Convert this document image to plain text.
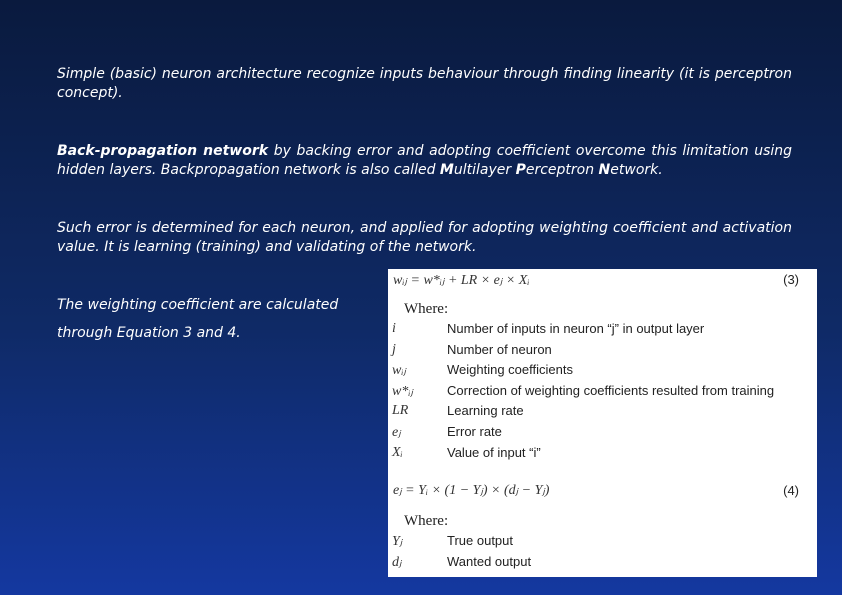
Simple (basic) neuron architecture recognize inputs behaviour through finding linearity (it is perceptron concept).

Back-propagation network by backing error and adopting coefficient overcome this limitation using hidden layers. Backpropagation network is also called Multilayer Perceptron Network.

Such error is determined for each neuron, and applied for adopting weighting coefficient and activation value. It is learning (training) and validating of the network.

The weighting coefficient are calculated

through Equation 3 and 4.

wᵢⱼ = w*ᵢⱼ + LR × eⱼ × Xᵢ	(3)
Where:
i	Number of inputs in neuron “j” in output layer
j	Number of neuron
wᵢⱼ	Weighting coefficients
w*ᵢⱼ	Correction of weighting coefficients resulted from training
LR	Learning rate
eⱼ	Error rate
Xᵢ	Value of input “i”
eⱼ = Yᵢ × (1 − Yⱼ) × (dⱼ − Yⱼ)	(4)
Where:
Yⱼ	True output
dⱼ	Wanted output
